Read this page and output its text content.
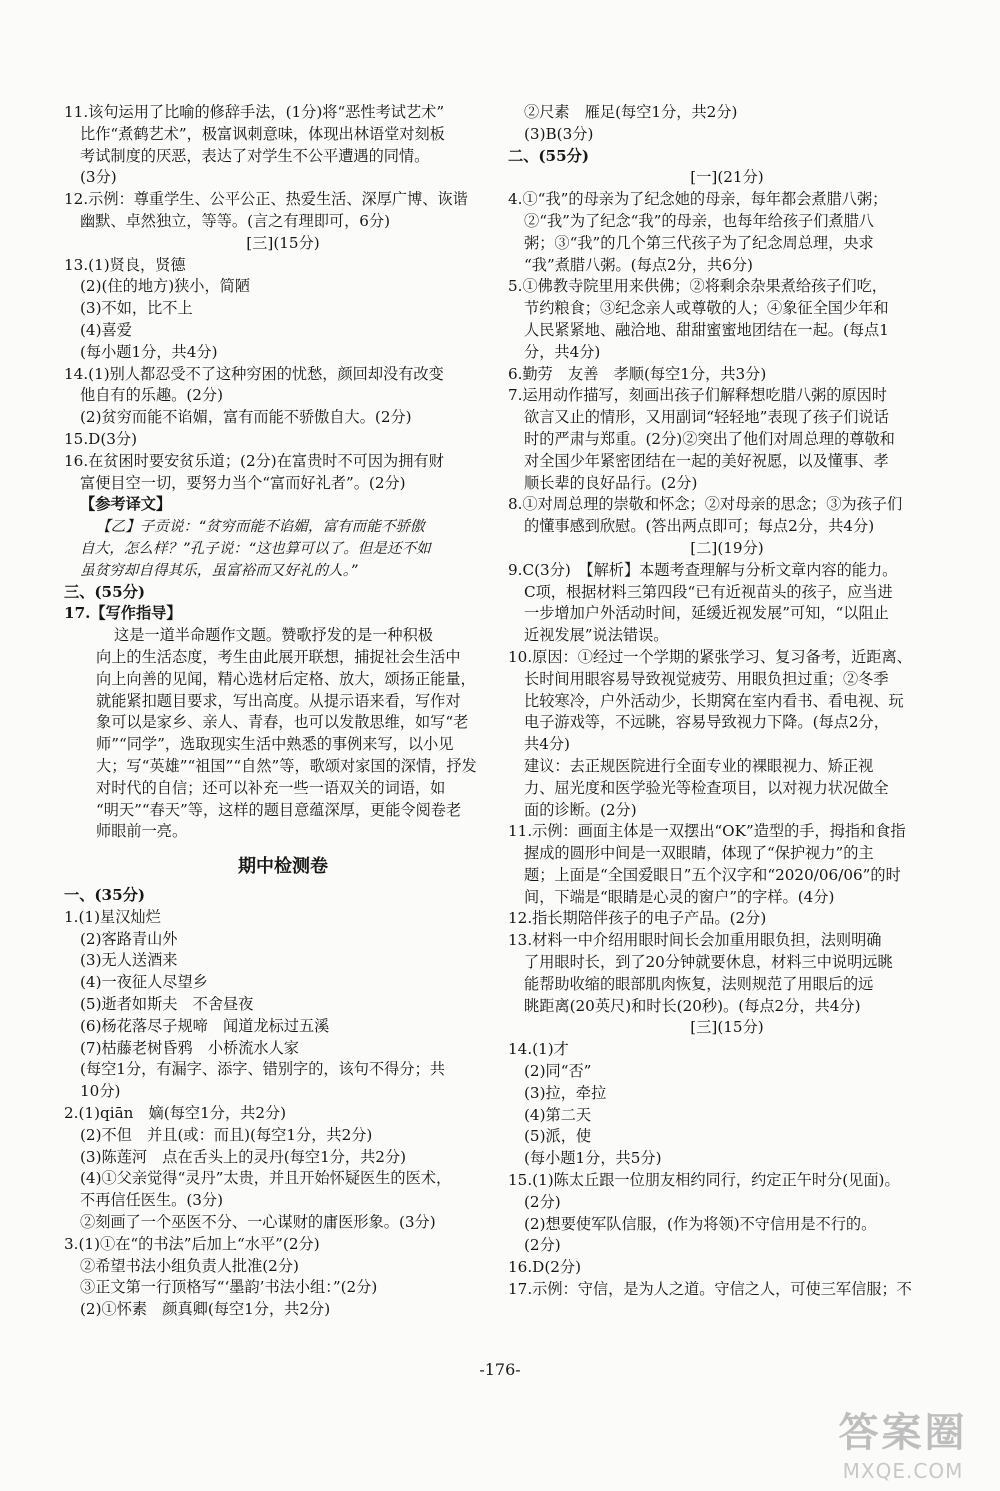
11.该句运用了比喻的修辞手法，(1分)将“恶性考试艺术”
比作“煮鹤艺术”，极富讽刺意味，体现出林语堂对刻板
考试制度的厌恶，表达了对学生不公平遭遇的同情。
(3分)
12.示例：尊重学生、公平公正、热爱生活、深厚广博、诙谐
幽默、卓然独立，等等。(言之有理即可，6分)
[三](15分)
13.(1)贤良，贤德
(2)(住的地方)狭小，简陋
(3)不如，比不上
(4)喜爱
(每小题1分，共4分)
14.(1)别人都忍受不了这种穷困的忧愁，颜回却没有改变
他自有的乐趣。(2分)
(2)贫穷而能不谄媚，富有而能不骄傲自大。(2分)
15.D(3分)
16.在贫困时要安贫乐道；(2分)在富贵时不可因为拥有财
富便目空一切，要努力当个“富而好礼者”。(2分)
【参考译文】
【乙】子贡说：“贫穷而能不谄媚，富有而能不骄傲
自大，怎么样？”孔子说：“这也算可以了。但是还不如
虽贫穷却自得其乐，虽富裕而又好礼的人。”
三、(55分)
17.【写作指导】
这是一道半命题作文题。赞歌抒发的是一种积极
向上的生活态度，考生由此展开联想，捕捉社会生活中
向上向善的见闻，精心选材后定格、放大，颂扬正能量，
就能紧扣题目要求，写出高度。从提示语来看，写作对
象可以是家乡、亲人、青春，也可以发散思维，如写“老
师”“同学”，选取现实生活中熟悉的事例来写，以小见
大；写“英雄”“祖国”“自然”等，歌颂对家国的深情，抒发
对时代的自信；还可以补充一些一语双关的词语，如
“明天”“春天”等，这样的题目意蕴深厚，更能令阅卷老
师眼前一亮。
期中检测卷
一、(35分)
1.(1)星汉灿烂
(2)客路青山外
(3)无人送酒来
(4)一夜征人尽望乡
(5)逝者如斯夫　不舍昼夜
(6)杨花落尽子规啼　闻道龙标过五溪
(7)枯藤老树昏鸦　小桥流水人家
(每空1分，有漏字、添字、错别字的，该句不得分；共
10分)
2.(1)qiān　嫡(每空1分，共2分)
(2)不但　并且(或：而且)(每空1分，共2分)
(3)陈莲河　点在舌头上的灵丹(每空1分，共2分)
(4)①父亲觉得“灵丹”太贵，并且开始怀疑医生的医术，
不再信任医生。(3分)
②刻画了一个巫医不分、一心谋财的庸医形象。(3分)
3.(1)①在“的书法”后加上“水平”(2分)
②希望书法小组负责人批准(2分)
③正文第一行顶格写“‘墨韵’书法小组：”(2分)
(2)①怀素　颜真卿(每空1分，共2分)
②尺素　雁足(每空1分，共2分)
(3)B(3分)
二、(55分)
[一](21分)
4.①“我”的母亲为了纪念她的母亲，每年都会煮腊八粥；
②“我”为了纪念“我”的母亲，也每年给孩子们煮腊八
粥；③“我”的几个第三代孩子为了纪念周总理，央求
“我”煮腊八粥。(每点2分，共6分)
5.①佛教寺院里用来供佛；②将剩余杂果煮给孩子们吃，
节约粮食；③纪念亲人或尊敬的人；④象征全国少年和
人民紧紧地、融洽地、甜甜蜜蜜地团结在一起。(每点1
分，共4分)
6.勤劳　友善　孝顺(每空1分，共3分)
7.运用动作描写，刻画出孩子们解释想吃腊八粥的原因时
欲言又止的情形，又用副词“轻轻地”表现了孩子们说话
时的严肃与郑重。(2分)②突出了他们对周总理的尊敬和
对全国少年紧密团结在一起的美好祝愿，以及懂事、孝
顺长辈的良好品行。(2分)
8.①对周总理的崇敬和怀念；②对母亲的思念；③为孩子们
的懂事感到欣慰。(答出两点即可；每点2分，共4分)
[二](19分)
9.C(3分)　【解析】本题考查理解与分析文章内容的能力。
C项，根据材料三第四段“已有近视苗头的孩子，应当进
一步增加户外活动时间，延缓近视发展”可知，“以阻止
近视发展”说法错误。
10.原因：①经过一个学期的紧张学习、复习备考，近距离、
长时间用眼容易导致视觉疲劳、用眼负担过重；②冬季
比较寒冷，户外活动少，长期窝在室内看书、看电视、玩
电子游戏等，不远眺，容易导致视力下降。(每点2分，
共4分)
建议：去正规医院进行全面专业的裸眼视力、矫正视
力、屈光度和医学验光等检查项目，以对视力状况做全
面的诊断。(2分)
11.示例：画面主体是一双摆出“OK”造型的手，拇指和食指
握成的圆形中间是一双眼睛，体现了“保护视力”的主
题；上面是“全国爱眼日”五个汉字和“2020/06/06”的时
间，下端是“眼睛是心灵的窗户”的字样。(4分)
12.指长期陪伴孩子的电子产品。(2分)
13.材料一中介绍用眼时间长会加重用眼负担，法则明确
了用眼时长，到了20分钟就要休息，材料三中说明远眺
能帮助收缩的眼部肌肉恢复，法则规范了用眼后的远
眺距离(20英尺)和时长(20秒)。(每点2分，共4分)
[三](15分)
14.(1)才
(2)同“否”
(3)拉，牵拉
(4)第二天
(5)派，使
(每小题1分，共5分)
15.(1)陈太丘跟一位朋友相约同行，约定正午时分(见面)。
(2分)
(2)想要使军队信服，(作为将领)不守信用是不行的。
(2分)
16.D(2分)
17.示例：守信，是为人之道。守信之人，可使三军信服；不
-176-
答案圈
MXQE.COM
